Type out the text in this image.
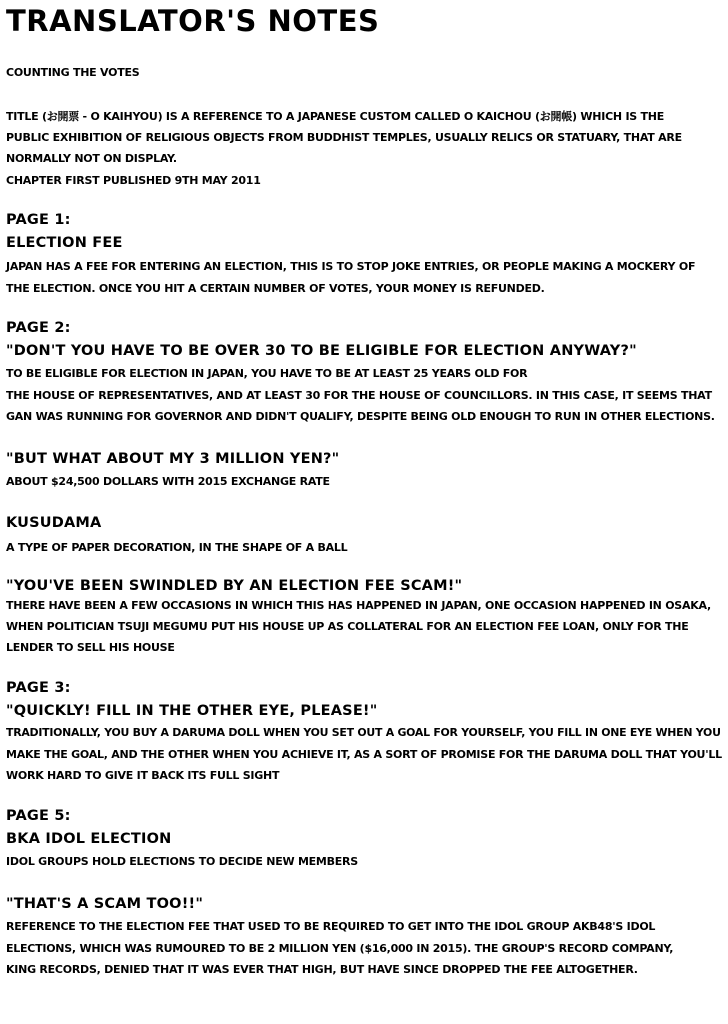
TRANSLATOR'S NOTES

COUNTING THE VOTES

TITLE (お開票 - O KAIHYOU) IS A REFERENCE TO A JAPANESE CUSTOM CALLED O KAICHOU (お開帳) WHICH IS THE

PUBLIC EXHIBITION OF RELIGIOUS OBJECTS FROM BUDDHIST TEMPLES, USUALLY RELICS OR STATUARY, THAT ARE

NORMALLY NOT ON DISPLAY.

CHAPTER FIRST PUBLISHED 9TH MAY 2011

PAGE 1:

ELECTION FEE

JAPAN HAS A FEE FOR ENTERING AN ELECTION, THIS IS TO STOP JOKE ENTRIES, OR PEOPLE MAKING A MOCKERY OF

THE ELECTION. ONCE YOU HIT A CERTAIN NUMBER OF VOTES, YOUR MONEY IS REFUNDED.

PAGE 2:

"DON'T YOU HAVE TO BE OVER 30 TO BE ELIGIBLE FOR ELECTION ANYWAY?"

TO BE ELIGIBLE FOR ELECTION IN JAPAN, YOU HAVE TO BE AT LEAST 25 YEARS OLD FOR

THE HOUSE OF REPRESENTATIVES, AND AT LEAST 30 FOR THE HOUSE OF COUNCILLORS. IN THIS CASE, IT SEEMS THAT

GAN WAS RUNNING FOR GOVERNOR AND DIDN'T QUALIFY, DESPITE BEING OLD ENOUGH TO RUN IN OTHER ELECTIONS.

"BUT WHAT ABOUT MY 3 MILLION YEN?"

ABOUT $24,500 DOLLARS WITH 2015 EXCHANGE RATE

KUSUDAMA

A TYPE OF PAPER DECORATION, IN THE SHAPE OF A BALL

"YOU'VE BEEN SWINDLED BY AN ELECTION FEE SCAM!"

THERE HAVE BEEN A FEW OCCASIONS IN WHICH THIS HAS HAPPENED IN JAPAN, ONE OCCASION HAPPENED IN OSAKA,

WHEN POLITICIAN TSUJI MEGUMU PUT HIS HOUSE UP AS COLLATERAL FOR AN ELECTION FEE LOAN, ONLY FOR THE

LENDER TO SELL HIS HOUSE

PAGE 3:

"QUICKLY! FILL IN THE OTHER EYE, PLEASE!"

TRADITIONALLY, YOU BUY A DARUMA DOLL WHEN YOU SET OUT A GOAL FOR YOURSELF, YOU FILL IN ONE EYE WHEN YOU

MAKE THE GOAL, AND THE OTHER WHEN YOU ACHIEVE IT, AS A SORT OF PROMISE FOR THE DARUMA DOLL THAT YOU'LL

WORK HARD TO GIVE IT BACK ITS FULL SIGHT

PAGE 5:

BKA IDOL ELECTION

IDOL GROUPS HOLD ELECTIONS TO DECIDE NEW MEMBERS

"THAT'S A SCAM TOO!!"

REFERENCE TO THE ELECTION FEE THAT USED TO BE REQUIRED TO GET INTO THE IDOL GROUP AKB48'S IDOL

ELECTIONS, WHICH WAS RUMOURED TO BE 2 MILLION YEN ($16,000 IN 2015). THE GROUP'S RECORD COMPANY,

KING RECORDS, DENIED THAT IT WAS EVER THAT HIGH, BUT HAVE SINCE DROPPED THE FEE ALTOGETHER.
